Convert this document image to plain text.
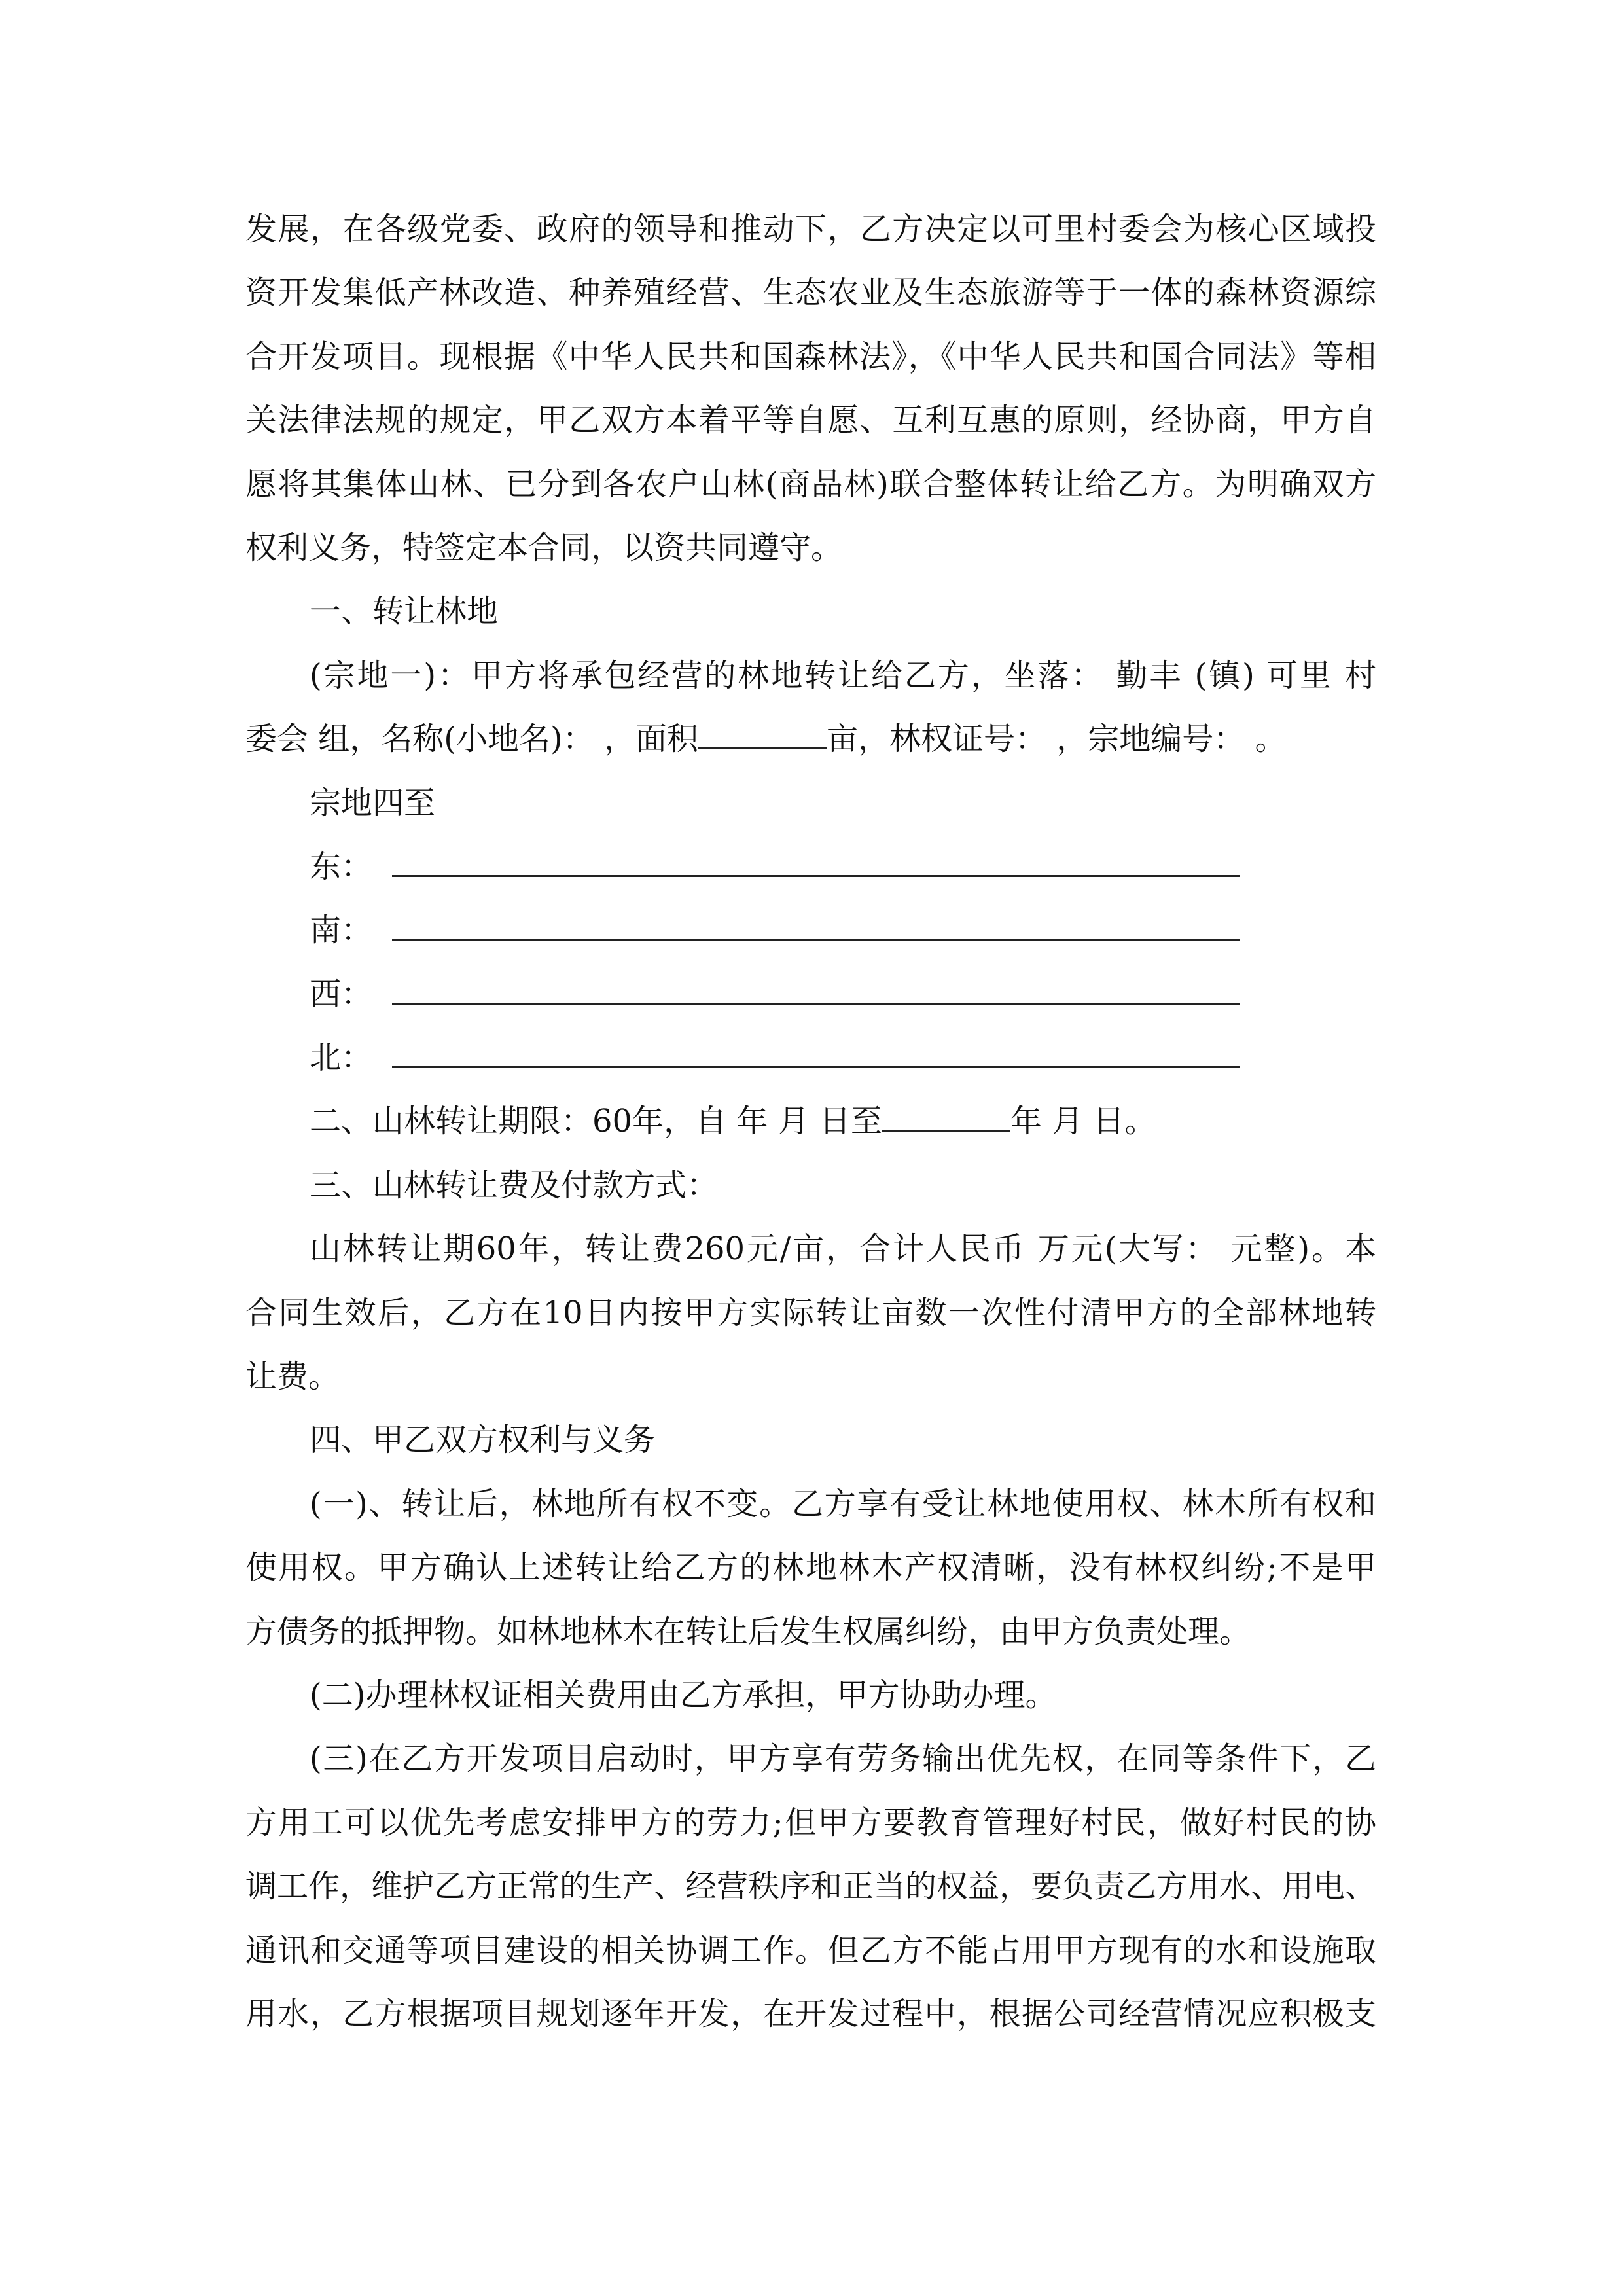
发展，在各级党委、政府的领导和推动下，乙方决定以可里村委会为核心区域投
资开发集低产林改造、种养殖经营、生态农业及生态旅游等于一体的森林资源综
合开发项目。现根据《中华人民共和国森林法》，《中华人民共和国合同法》等相
关法律法规的规定，甲乙双方本着平等自愿、互利互惠的原则，经协商，甲方自
愿将其集体山林、已分到各农户山林(商品林)联合整体转让给乙方。为明确双方
权利义务，特签定本合同，以资共同遵守。
一、转让林地
(宗地一)：甲方将承包经营的林地转让给乙方，坐落： 勤丰 (镇) 可里 村
委会 组，名称(小地名)： ，面积	亩，林权证号： ，宗地编号： 。
宗地四至
东：
南：
西：
北：
二、山林转让期限：60年，自 年 月 日至	年 月 日。
三、山林转让费及付款方式：
山林转让期60年，转让费260元/亩，合计人民币 万元(大写： 元整)。本
合同生效后，乙方在10日内按甲方实际转让亩数一次性付清甲方的全部林地转
让费。
四、甲乙双方权利与义务
(一)、转让后，林地所有权不变。乙方享有受让林地使用权、林木所有权和
使用权。甲方确认上述转让给乙方的林地林木产权清晰，没有林权纠纷;不是甲
方债务的抵押物。如林地林木在转让后发生权属纠纷，由甲方负责处理。
(二)办理林权证相关费用由乙方承担，甲方协助办理。
(三)在乙方开发项目启动时，甲方享有劳务输出优先权，在同等条件下，乙
方用工可以优先考虑安排甲方的劳力;但甲方要教育管理好村民，做好村民的协
调工作，维护乙方正常的生产、经营秩序和正当的权益，要负责乙方用水、用电、
通讯和交通等项目建设的相关协调工作。但乙方不能占用甲方现有的水和设施取
用水，乙方根据项目规划逐年开发，在开发过程中，根据公司经营情况应积极支
